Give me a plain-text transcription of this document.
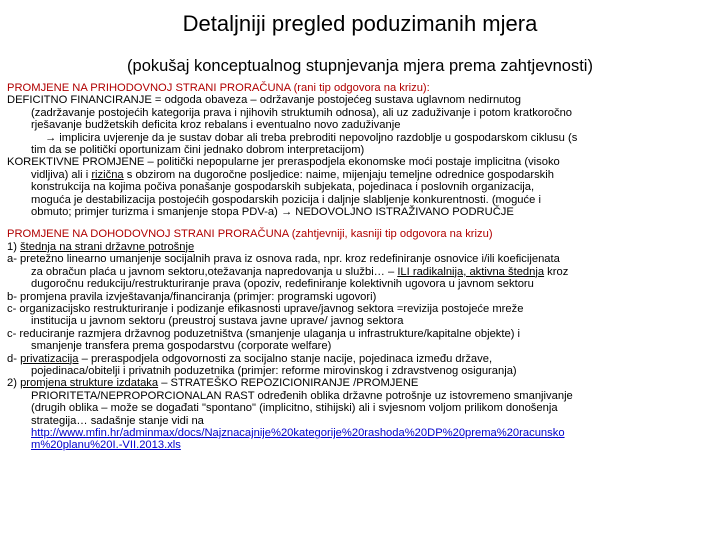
Detaljniji pregled poduzimanih mjera
(pokušaj konceptualnog stupnjevanja mjera prema zahtjevnosti)
PROMJENE NA PRIHODOVNOJ STRANI PRORAČUNA (rani tip odgovora na krizu):
DEFICITNO FINANCIRANJE = odgoda obaveza – održavanje postojećeg sustava uglavnom nedirnutog
(zadržavanje postojećih kategorija prava i njihovih struktumih odnosa), ali uz zaduživanje i potom kratkoročno
rješavanje budžetskih deficita kroz rebalans i eventualno novo zaduživanje
→ implicira uvjerenje da je sustav dobar ali treba prebroditi nepovoljno razdoblje u gospodarskom ciklusu (s
tim da se politički oportunizam čini jednako dobrom interpretacijom)
KOREKTIVNE PROMJENE – politički nepopularne jer preraspodjela ekonomske moći postaje implicitna (visoko
vidljiva) ali i rizična s obzirom na dugoročne posljedice: naime, mijenjaju temeljne odrednice gospodarskih
konstrukcija na kojima počiva ponašanje gospodarskih subjekata, pojedinaca i poslovnih organizacija,
moguća je destabilizacija postojećih gospodarskih pozicija i daljnje slabljenje konkurentnosti. (moguće i
obmuto; primjer turizma i smanjenje stopa PDV-a) → NEDOVOLJNO ISTRAŽIVANO PODRUČJE
PROMJENE NA DOHODOVNOJ STRANI PRORAČUNA (zahtjevniji, kasniji tip odgovora na krizu)
1) štednja na strani državne potrošnje
a- pretežno linearno umanjenje socijalnih prava iz osnova rada, npr. kroz redefiniranje osnovice i/ili koeficijenata
za obračun plaća u javnom sektoru,otežavanja napredovanja u službi… – ILI radikalnija, aktivna štednja kroz
dugoročnu redukciju/restrukturiranje prava (opoziv, redefiniranje kolektivnih ugovora u javnom sektoru
b- promjena pravila izvještavanja/financiranja (primjer: programski ugovori)
c- organizacijsko restrukturiranje i podizanje efikasnosti uprave/javnog sektora =revizija postojeće mreže
institucija u javnom sektoru (preustroj sustava javne uprave/ javnog sektora
c- reduciranje razmjera državnog poduzetništva (smanjenje ulaganja u infrastrukture/kapitalne objekte) i
smanjenje transfera prema gospodarstvu (corporate welfare)
d- privatizacija – preraspodjela odgovornosti za socijalno stanje nacije, pojedinaca između države,
pojedinaca/obitelji i privatnih poduzetnika (primjer: reforme mirovinskog i zdravstvenog osiguranja)
2) promjena strukture izdataka – STRATEŠKO REPOZICIONIRANJE /PROMJENE
PRIORITETA/NEPROPORCIONALAN RAST određenih oblika državne potrošnje uz istovremeno smanjivanje
(drugih oblika – može se događati "spontano" (implicitno, stihijski) ali i svjesnom voljom prilikom donošenja
strategija… sadašnje stanje vidi na
http://www.mfin.hr/adminmax/docs/Najznacajnije%20kategorije%20rashoda%20DP%20prema%20racunsko
m%20planu%20I.-VII.2013.xls
